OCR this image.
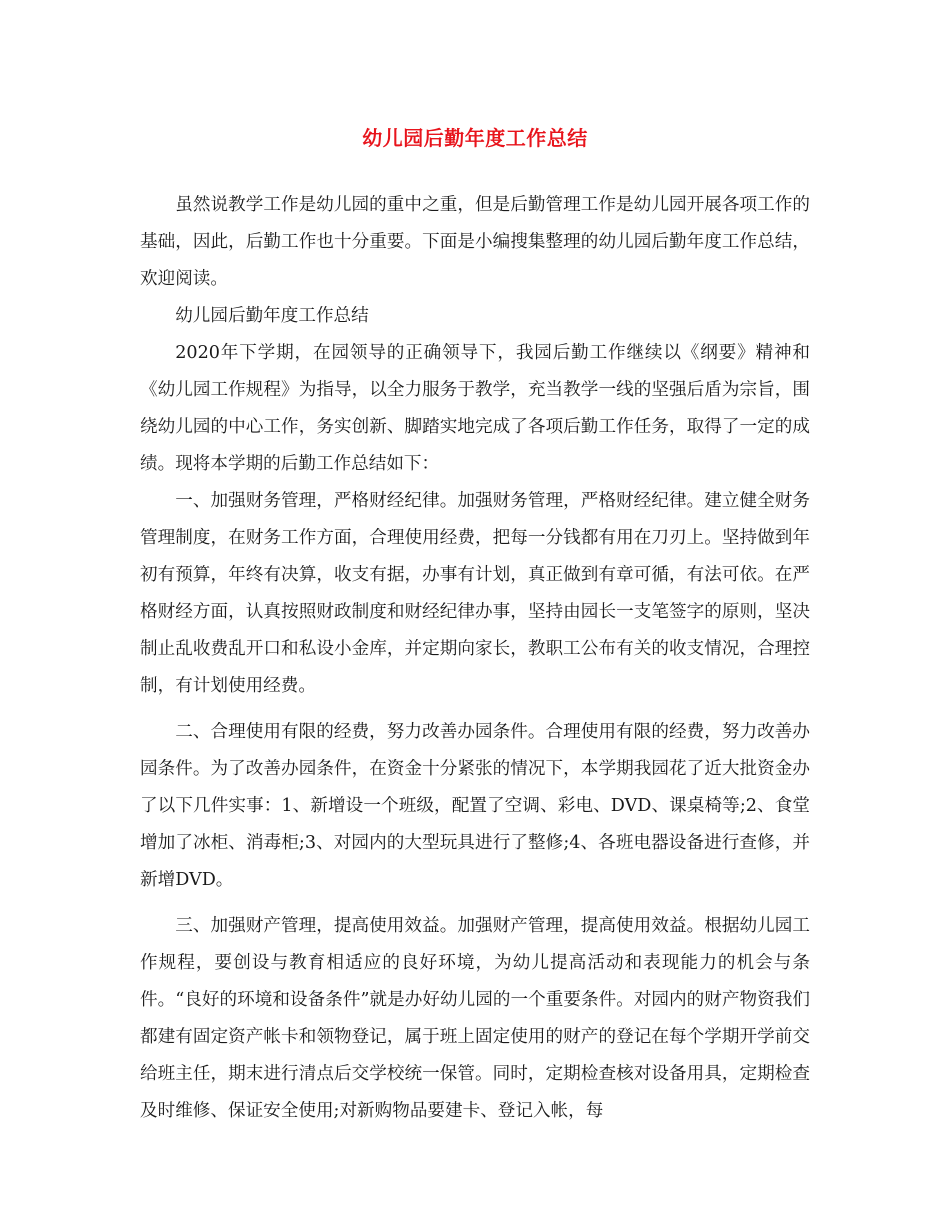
幼儿园后勤年度工作总结

虽然说教学工作是幼儿园的重中之重，但是后勤管理工作是幼儿园开展各项工作的基础，因此，后勤工作也十分重要。下面是小编搜集整理的幼儿园后勤年度工作总结，欢迎阅读。

幼儿园后勤年度工作总结

2020年下学期，在园领导的正确领导下，我园后勤工作继续以《纲要》精神和《幼儿园工作规程》为指导，以全力服务于教学，充当教学一线的坚强后盾为宗旨，围绕幼儿园的中心工作，务实创新、脚踏实地完成了各项后勤工作任务，取得了一定的成绩。现将本学期的后勤工作总结如下：

一、加强财务管理，严格财经纪律。加强财务管理，严格财经纪律。建立健全财务管理制度，在财务工作方面，合理使用经费，把每一分钱都有用在刀刃上。坚持做到年初有预算，年终有决算，收支有据，办事有计划，真正做到有章可循，有法可依。在严格财经方面，认真按照财政制度和财经纪律办事，坚持由园长一支笔签字的原则，坚决制止乱收费乱开口和私设小金库，并定期向家长，教职工公布有关的收支情况，合理控制，有计划使用经费。

二、合理使用有限的经费，努力改善办园条件。合理使用有限的经费，努力改善办园条件。为了改善办园条件，在资金十分紧张的情况下，本学期我园花了近大批资金办了以下几件实事：1、新增设一个班级，配置了空调、彩电、DVD、课桌椅等;2、食堂增加了冰柜、消毒柜;3、对园内的大型玩具进行了整修;4、各班电器设备进行查修，并新增DVD。

三、加强财产管理，提高使用效益。加强财产管理，提高使用效益。根据幼儿园工作规程，要创设与教育相适应的良好环境，为幼儿提高活动和表现能力的机会与条件。“良好的环境和设备条件”就是办好幼儿园的一个重要条件。对园内的财产物资我们都建有固定资产帐卡和领物登记，属于班上固定使用的财产的登记在每个学期开学前交给班主任，期末进行清点后交学校统一保管。同时，定期检查核对设备用具，定期检查及时维修、保证安全使用;对新购物品要建卡、登记入帐，每
